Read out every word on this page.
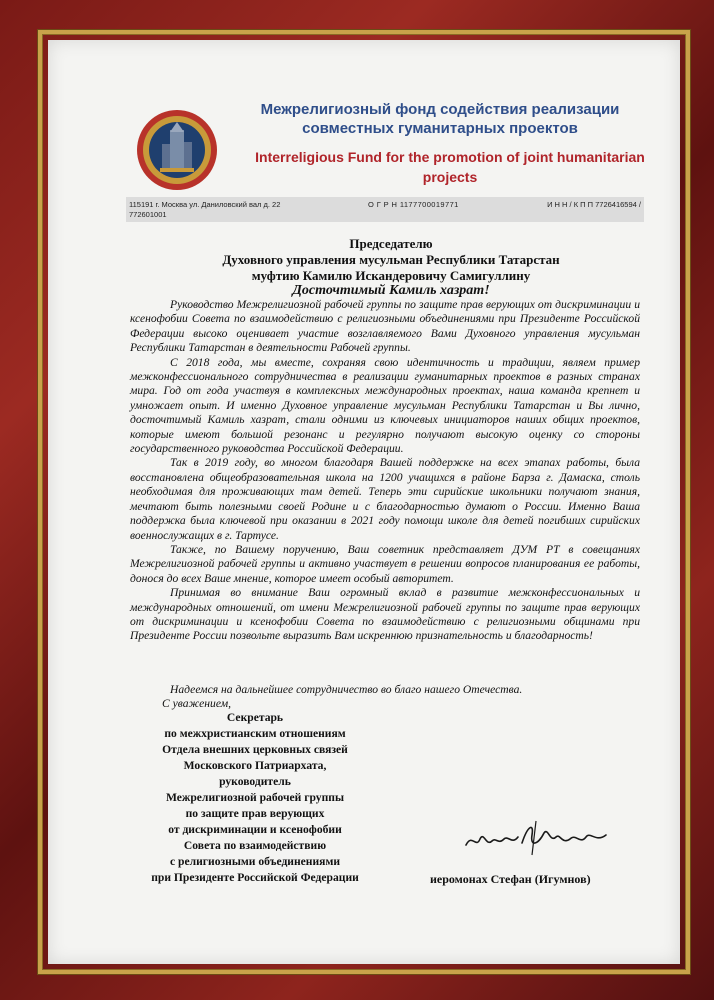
Межрелигиозный фонд содействия реализации совместных гуманитарных проектов
Interreligious Fund for the promotion of joint humanitarian projects
115191 г. Москва ул. Даниловский вал д. 22	О Г Р Н 1177700019771	И Н Н / К П П 7726416594 /
772601001
Председателю
Духовного управления мусульман Республики Татарстан
муфтию Камилю Искандеровичу Самигуллину
Досточтимый Камиль хазрат!

Руководство Межрелигиозной рабочей группы по защите прав верующих от дискриминации и ксенофобии Совета по взаимодействию с религиозными объединениями при Президенте Российской Федерации высоко оценивает участие возглавляемого Вами Духовного управления мусульман Республики Татарстан в деятельности Рабочей группы.

С 2018 года, мы вместе, сохраняя свою идентичность и традиции, являем пример межконфессионального сотрудничества в реализации гуманитарных проектов в разных странах мира. Год от года участвуя в комплексных международных проектах, наша команда крепнет и умножает опыт. И именно Духовное управление мусульман Республики Татарстан и Вы лично, досточтимый Камиль хазрат, стали одними из ключевых инициаторов наших общих проектов, которые имеют большой резонанс и регулярно получают высокую оценку со стороны государственного руководства Российской Федерации.

Так в 2019 году, во многом благодаря Вашей поддержке на всех этапах работы, была восстановлена общеобразовательная школа на 1200 учащихся в районе Барза г. Дамаска, столь необходимая для проживающих там детей. Теперь эти сирийские школьники получают знания, мечтают быть полезными своей Родине и с благодарностью думают о России. Именно Ваша поддержка была ключевой при оказании в 2021 году помощи школе для детей погибших сирийских военнослужащих в г. Тартусе.

Также, по Вашему поручению, Ваш советник представляет ДУМ РТ в совещаниях Межрелигиозной рабочей группы и активно участвует в решении вопросов планирования ее работы, донося до всех Ваше мнение, которое имеет особый авторитет.

Принимая во внимание Ваш огромный вклад в развитие межконфессиональных и международных отношений, от имени Межрелигиозной рабочей группы по защите прав верующих от дискриминации и ксенофобии Совета по взаимодействию с религиозными общинами при Президенте России позвольте выразить Вам искреннюю признательность и благодарность!

Надеемся на дальнейшее сотрудничество во благо нашего Отечества.
С уважением,
Секретарь
по межхристианским отношениям
Отдела внешних церковных связей
Московского Патриархата,
руководитель
Межрелигиозной рабочей группы
по защите прав верующих
от дискриминации и ксенофобии
Совета по взаимодействию
с религиозными объединениями
при Президенте Российской Федерации	иеромонах Стефан (Игумнов)
